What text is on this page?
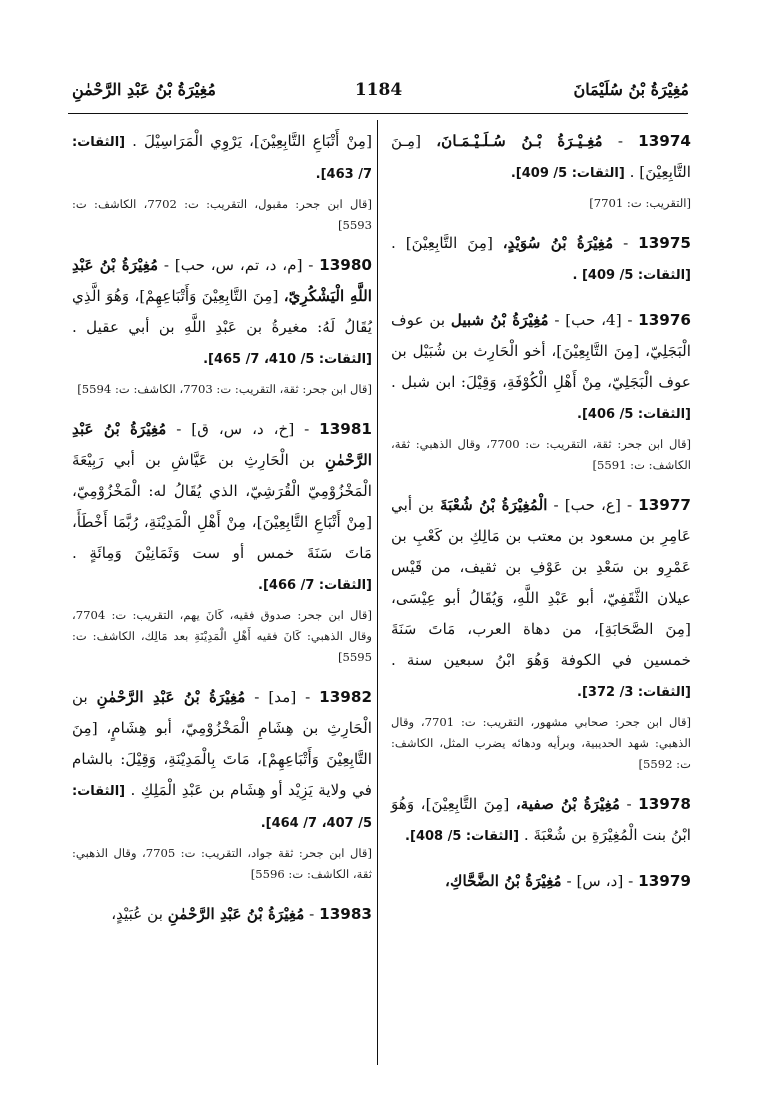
مُغِيْرَةُ بْنُ سُلَيْمَانَ
1184
مُغِيْرَةُ بْنُ عَبْدِ الرَّحْمٰنِ
13974 - مُغِـيْـرَةُ بْـنُ سُـلَـيْـمَـانَ، [مِـنَ التَّابِعِيْنَ] . [الثقات: 5/ 409].
[التقريب: ت: 7701]
13975 - مُغِيْرَةُ بْنُ سُوَيْدٍ، [مِنَ التَّابِعِيْنَ] . [الثقات: 5/ 409] .
13976 - [4، حب] - مُغِيْرَةُ بْنُ شبيل بن عوف الْبَجَلِيّ، [مِنَ التَّابِعِيْنَ]، أخو الْحَارِث بن شُبَيْل بن عوف الْبَجَلِيّ، مِنْ أَهْلِ الْكُوْفَةِ، وَقِيْلَ: ابن شبل . [الثقات: 5/ 406].
[قال ابن جحر: ثقة، التقريب: ت: 7700، وقال الذهبي: ثقة، الكاشف: ت: 5591]
13977 - [ع، حب] - الْمُغِيْرَةُ بْنُ شُعْبَةَ بن أبي عَامِرِ بن مسعود بن معتب بن مَالِكِ بن كَعْبِ بن عَمْرِو بن سَعْدِ بن عَوْفِ بن ثقيف، من قَيْس عيلان الثَّقَفِيّ، أبو عَبْدِ اللَّهِ، وَيُقَالُ أبو عِيْسَى، [مِنَ الصَّحَابَةِ]، من دهاة العرب، مَاتَ سَنَةَ خمسين في الكوفة وَهُوَ ابْنُ سبعين سنة . [الثقات: 3/ 372].
[قال ابن جحر: صحابي مشهور، التقريب: ت: 7701، وقال الذهبي: شهد الحديبية، وبرأيه ودهائه يضرب المثل، الكاشف: ت: 5592]
13978 - مُغِيْرَةُ بْنُ صفية، [مِنَ التَّابِعِيْنَ]، وَهُوَ ابْنُ بنت الْمُغِيْرَةِ بن شُعْبَةَ . [الثقات: 5/ 408].
13979 - [د، س] - مُغِيْرَةُ بْنُ الضَّحَّاكِ،
[مِنْ أَتْبَاعِ التَّابِعِيْنَ]، يَرْوِي الْمَرَاسِيْلَ . [الثقات: 7/ 463].
[قال ابن جحر: مقبول، التقريب: ت: 7702، الكاشف: ت: 5593]
13980 - [م، د، تم، س، حب] - مُغِيْرَةُ بْنُ عَبْدِ اللَّهِ الْيَشْكُرِيّ، [مِنَ التَّابِعِيْنَ وَأَتْبَاعِهِمْ]، وَهُوَ الَّذِي يُقَالُ لَهُ: مغيرةُ بن عَبْدِ اللَّهِ بن أبي عقيل . [الثقات: 5/ 410، 7/ 465].
[قال ابن جحر: ثقة، التقريب: ت: 7703، الكاشف: ت: 5594]
13981 - [خ، د، س، ق] - مُغِيْرَةُ بْنُ عَبْدِ الرَّحْمٰنِ بن الْحَارِثِ بن عَيَّاشِ بن أبي رَبِيْعَةَ الْمَخْزُوْمِيّ الْقُرَشِيّ، الذي يُقَالُ له: الْمَخْزُوْمِيّ، [مِنْ أَتْبَاعِ التَّابِعِيْنَ]، مِنْ أَهْلِ الْمَدِيْنَةِ، رُبَّمَا أَخْطَأَ، مَاتَ سَنَةَ خمس أو ست وَثَمَانِيْنَ وَمِائَةٍ . [الثقات: 7/ 466].
[قال ابن جحر: صدوق فقيه، كَانَ يهم، التقريب: ت: 7704، وقال الذهبي: كَانَ فقيه أَهْلِ الْمَدِيْنَةِ بعد مَالِك، الكاشف: ت: 5595]
13982 - [مد] - مُغِيْرَةُ بْنُ عَبْدِ الرَّحْمٰنِ بن الْحَارِثِ بن هِشَامِ الْمَخْزُوْمِيّ، أبو هِشَامٍ، [مِنَ التَّابِعِيْنَ وَأَتْبَاعِهِمْ]، مَاتَ بِالْمَدِيْنَةِ، وَقِيْلَ: بالشام في ولاية يَزِيْد أو هِشَام بن عَبْدِ الْمَلِكِ . [الثقات: 5/ 407، 7/ 464].
[قال ابن جحر: ثقة جواد، التقريب: ت: 7705، وقال الذهبي: ثقة، الكاشف: ت: 5596]
13983 - مُغِيْرَةُ بْنُ عَبْدِ الرَّحْمٰنِ بن عُبَيْدٍ،
